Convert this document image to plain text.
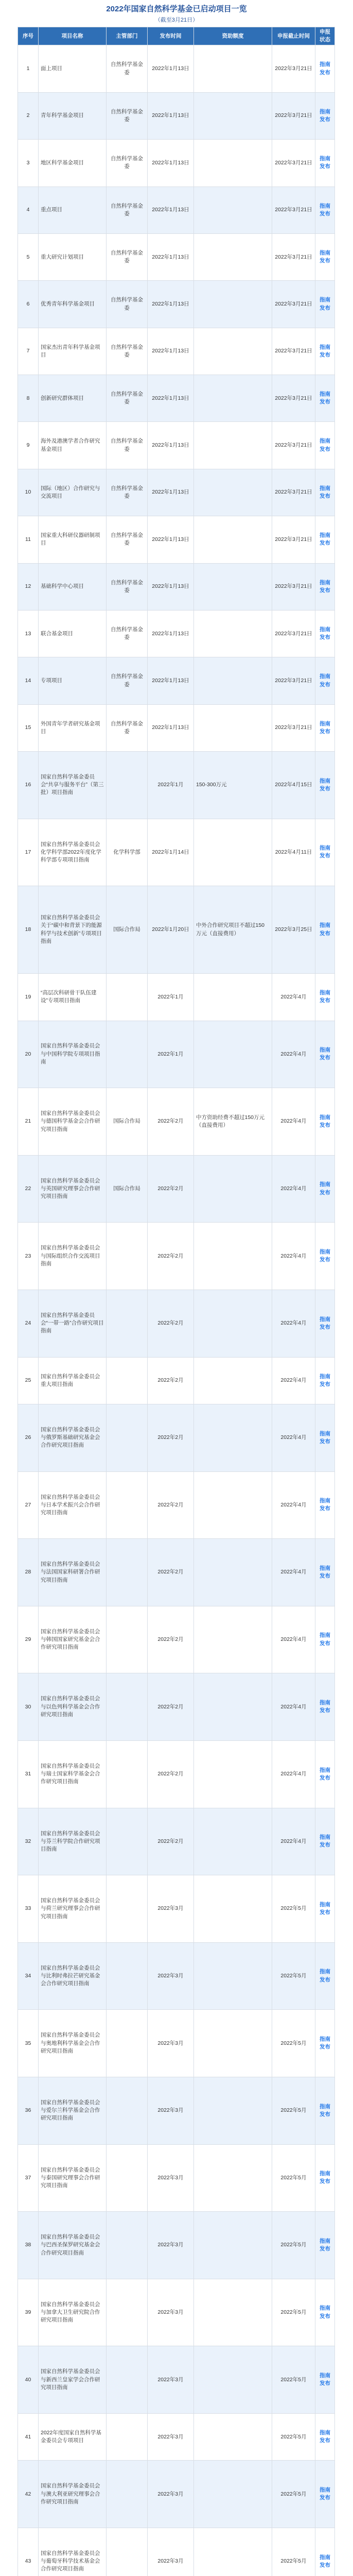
2022年国家自然科学基金已启动项目一览
（截至3月21日）
序号	项目名称	主管部门	发布时间	资助额度	申报截止时间	申报状态
1	面上项目	自然科学基金委	2022年1月13日		2022年3月21日	指南发布
2	青年科学基金项目	自然科学基金委	2022年1月13日		2022年3月21日	指南发布
3	地区科学基金项目	自然科学基金委	2022年1月13日		2022年3月21日	指南发布
4	重点项目	自然科学基金委	2022年1月13日		2022年3月21日	指南发布
5	重大研究计划项目	自然科学基金委	2022年1月13日		2022年3月21日	指南发布
6	优秀青年科学基金项目	自然科学基金委	2022年1月13日		2022年3月21日	指南发布
7	国家杰出青年科学基金项目	自然科学基金委	2022年1月13日		2022年3月21日	指南发布
8	创新研究群体项目	自然科学基金委	2022年1月13日		2022年3月21日	指南发布
9	海外及港澳学者合作研究基金项目	自然科学基金委	2022年1月13日		2022年3月21日	指南发布
10	国际（地区）合作研究与交流项目	自然科学基金委	2022年1月13日		2022年3月21日	指南发布
11	国家重大科研仪器研制项目	自然科学基金委	2022年1月13日		2022年3月21日	指南发布
12	基础科学中心项目	自然科学基金委	2022年1月13日		2022年3月21日	指南发布
13	联合基金项目	自然科学基金委	2022年1月13日		2022年3月21日	指南发布
14	专项项目	自然科学基金委	2022年1月13日		2022年3月21日	指南发布
15	外国青年学者研究基金项目	自然科学基金委	2022年1月13日		2022年3月21日	指南发布
16	国家自然科学基金委员会“共享与服务平台”（第三批）项目指南		2022年1月	150-300万元	2022年4月15日	指南发布
17	国家自然科学基金委员会化学科学部2022年度化学科学部专项项目指南	化学科学部	2022年1月14日		2022年4月11日	指南发布
18	国家自然科学基金委员会关于“碳中和背景下的能源科学与技术创新”专项项目指南	国际合作局	2022年1月20日	中外合作研究项目不超过150万元（直接费用）	2022年3月25日	指南发布
19	“高层次科研骨干队伍建设”专项项目指南		2022年1月		2022年4月	指南发布
20	国家自然科学基金委员会与中国科学院专项项目指南		2022年1月		2022年4月	指南发布
21	国家自然科学基金委员会与德国科学基金会合作研究项目指南	国际合作局	2022年2月	中方资助经费不超过150万元（直接费用）	2022年4月	指南发布
22	国家自然科学基金委员会与英国研究理事会合作研究项目指南	国际合作局	2022年2月		2022年4月	指南发布
23	国家自然科学基金委员会与国际组织合作交流项目指南		2022年2月		2022年4月	指南发布
24	国家自然科学基金委员会“一带一路”合作研究项目指南		2022年2月		2022年4月	指南发布
25	国家自然科学基金委员会重大项目指南		2022年2月		2022年4月	指南发布
26	国家自然科学基金委员会与俄罗斯基础研究基金会合作研究项目指南		2022年2月		2022年4月	指南发布
27	国家自然科学基金委员会与日本学术振兴会合作研究项目指南		2022年2月		2022年4月	指南发布
28	国家自然科学基金委员会与法国国家科研署合作研究项目指南		2022年2月		2022年4月	指南发布
29	国家自然科学基金委员会与韩国国家研究基金会合作研究项目指南		2022年2月		2022年4月	指南发布
30	国家自然科学基金委员会与以色列科学基金会合作研究项目指南		2022年2月		2022年4月	指南发布
31	国家自然科学基金委员会与瑞士国家科学基金会合作研究项目指南		2022年2月		2022年4月	指南发布
32	国家自然科学基金委员会与芬兰科学院合作研究项目指南		2022年2月		2022年4月	指南发布
33	国家自然科学基金委员会与荷兰研究理事会合作研究项目指南		2022年3月		2022年5月	指南发布
34	国家自然科学基金委员会与比利时弗拉芒研究基金会合作研究项目指南		2022年3月		2022年5月	指南发布
35	国家自然科学基金委员会与奥地利科学基金会合作研究项目指南		2022年3月		2022年5月	指南发布
36	国家自然科学基金委员会与爱尔兰科学基金会合作研究项目指南		2022年3月		2022年5月	指南发布
37	国家自然科学基金委员会与泰国研究理事会合作研究项目指南		2022年3月		2022年5月	指南发布
38	国家自然科学基金委员会与巴西圣保罗研究基金会合作研究项目指南		2022年3月		2022年5月	指南发布
39	国家自然科学基金委员会与加拿大卫生研究院合作研究项目指南		2022年3月		2022年5月	指南发布
40	国家自然科学基金委员会与新西兰皇家学会合作研究项目指南		2022年3月		2022年5月	指南发布
41	2022年度国家自然科学基金委员会专项项目		2022年3月		2022年5月	指南发布
42	国家自然科学基金委员会与澳大利亚研究理事会合作研究项目指南		2022年3月		2022年5月	指南发布
43	国家自然科学基金委员会与葡萄牙科学技术基金会合作研究项目指南		2022年3月		2022年5月	指南发布
